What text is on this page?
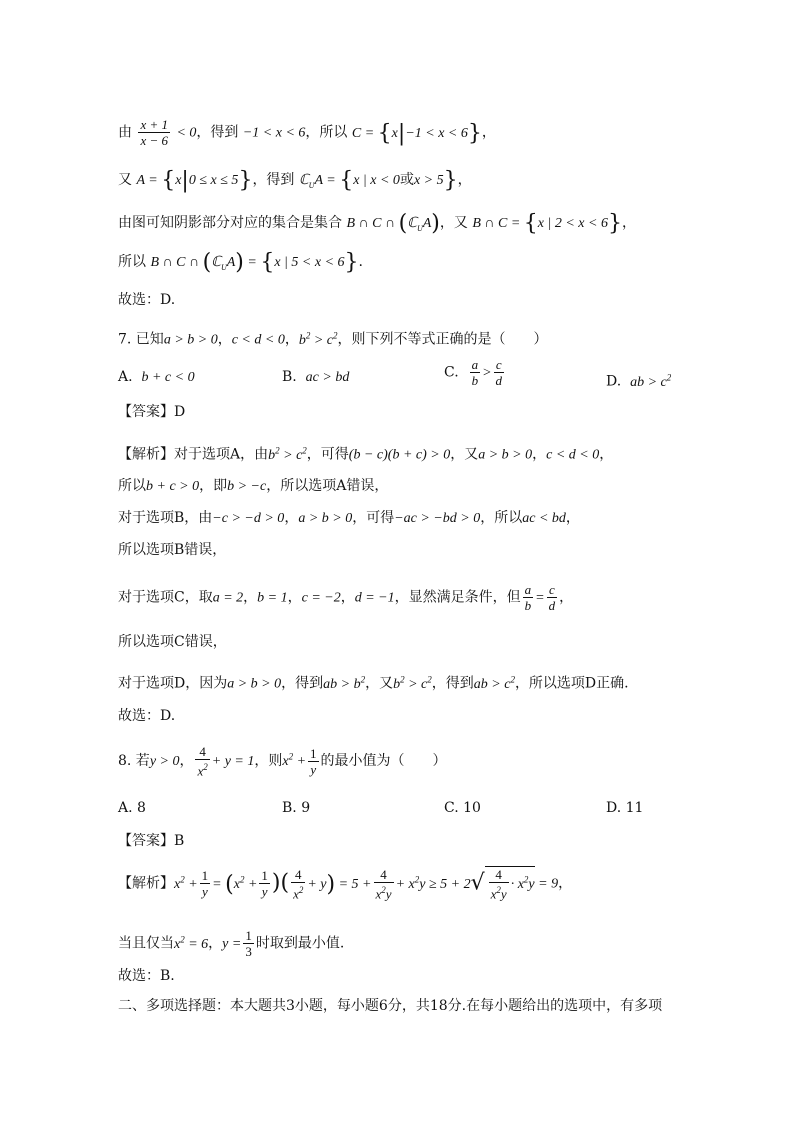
由 $\frac{x + 1}{x - 6} < 0$，得到 −1 < x < 6，所以 C = {x|−1 < x < 6}，
又 A = {x|0 ≤ x ≤ 5}，得到 ℂ$_U$A = {x | x < 0或x > 5}，
由图可知阴影部分对应的集合是集合 B ∩ C ∩ (ℂ$_U$A)，又 B ∩ C = {x | 2 < x < 6}，
所以 B ∩ C ∩ (ℂ$_U$A) = {x | 5 < x < 6}.
故选：D.
7. 已知a > b > 0，c < d < 0，$b^2 > c^2$，则下列不等式正确的是（　　）
A. b + c < 0	B. ac > bd	C. $\frac{a}{b} > \frac{c}{d}$	D. ab > $c^2$
【答案】D
【解析】对于选项A，由$b^2 > c^2$，可得(b − c)(b + c) > 0，又a > b > 0，c < d < 0，
所以b + c > 0，即b > −c，所以选项A错误，
对于选项B，由−c > −d > 0，a > b > 0，可得−ac > −bd > 0，所以ac < bd，
所以选项B错误，
对于选项C，取a = 2，b = 1，c = −2，d = −1，显然满足条件，但 $\frac{a}{b} = \frac{c}{d}$ ，
所以选项C错误，
对于选项D，因为a > b > 0，得到ab > $b^2$，又$b^2 > c^2$，得到ab > $c^2$，所以选项D正确.
故选：D.
8. 若y > 0， $\frac{4}{x^2} + y = 1$，则$x^2 + \frac{1}{y}$ 的最小值为（　　）
A. 8	B. 9	C. 10	D. 11
【答案】B
【解析】$x^2 + \frac{1}{y} = (x^2 + \frac{1}{y}$ )( $\frac{4}{x^2} + y) = 5 + \frac{4}{x^2y} + x^2y \ge 5 + 2√ \frac{4}{x^2y} \cdot x^2y = 9$，
当且仅当$x^2 = 6$，$y = \frac{1}{3}$ 时取到最小值.
故选：B.
二、多项选择题：本大题共3小题，每小题6分，共18分.在每小题给出的选项中，有多项
